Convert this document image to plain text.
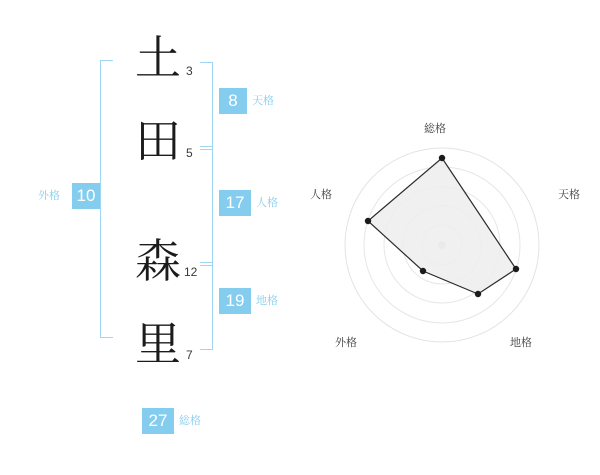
外格 10
土 3
田 5
森 12
里 7
8	天格
17	人格
19	地格
27	総格
総格
天格
地格
外格
人格
